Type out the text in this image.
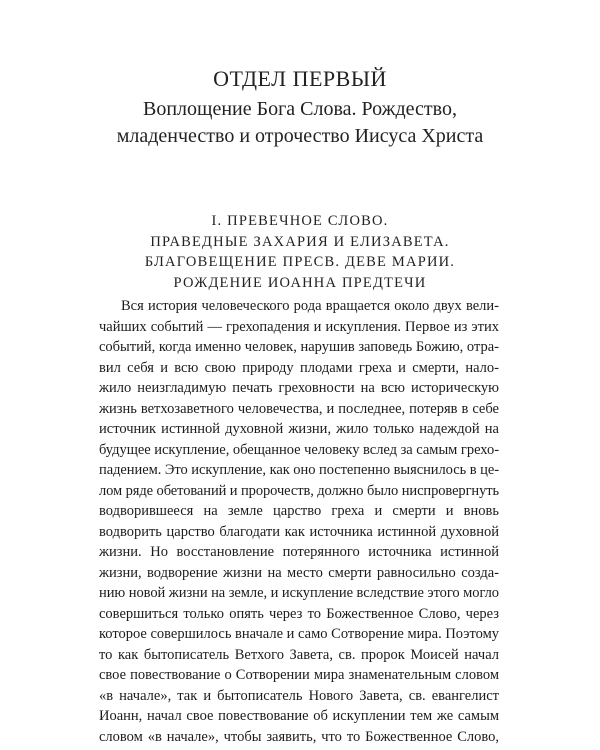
ОТДЕЛ ПЕРВЫЙ
Воплощение Бога Слова. Рождество,
младенчество и отрочество Иисуса Христа
I. ПРЕВЕЧНОЕ СЛОВО.
ПРАВЕДНЫЕ ЗАХАРИЯ И ЕЛИЗАВЕТА.
БЛАГОВЕЩЕНИЕ ПРЕСВ. ДЕВЕ МАРИИ.
РОЖДЕНИЕ ИОАННА ПРЕДТЕЧИ
Вся история человеческого рода вращается около двух вели-
чайших событий — грехопадения и искупления. Первое из этих
событий, когда именно человек, нарушив заповедь Божию, отра-
вил себя и всю свою природу плодами греха и смерти, нало-
жило неизгладимую печать греховности на всю историческую
жизнь ветхозаветного человечества, и последнее, потеряв в себе
источник истинной духовной жизни, жило только надеждой на
будущее искупление, обещанное человеку вслед за самым грехо-
падением. Это искупление, как оно постепенно выяснилось в це-
лом ряде обетований и пророчеств, должно было ниспровергнуть
водворившееся на земле царство греха и смерти и вновь
водворить царство благодати как источника истинной духовной
жизни. Но восстановление потерянного источника истинной
жизни, водворение жизни на место смерти равносильно созда-
нию новой жизни на земле, и искупление вследствие этого могло
совершиться только опять через то Божественное Слово, через
которое совершилось вначале и само Сотворение мира. Поэтому
то как бытописатель Ветхого Завета, св. пророк Моисей начал
свое повествование о Сотворении мира знаменательным словом
«в начале», так и бытописатель Нового Завета, св. евангелист
Иоанн, начал свое повествование об искуплении тем же самым
словом «в начале», чтобы заявить, что то Божественное Слово,
